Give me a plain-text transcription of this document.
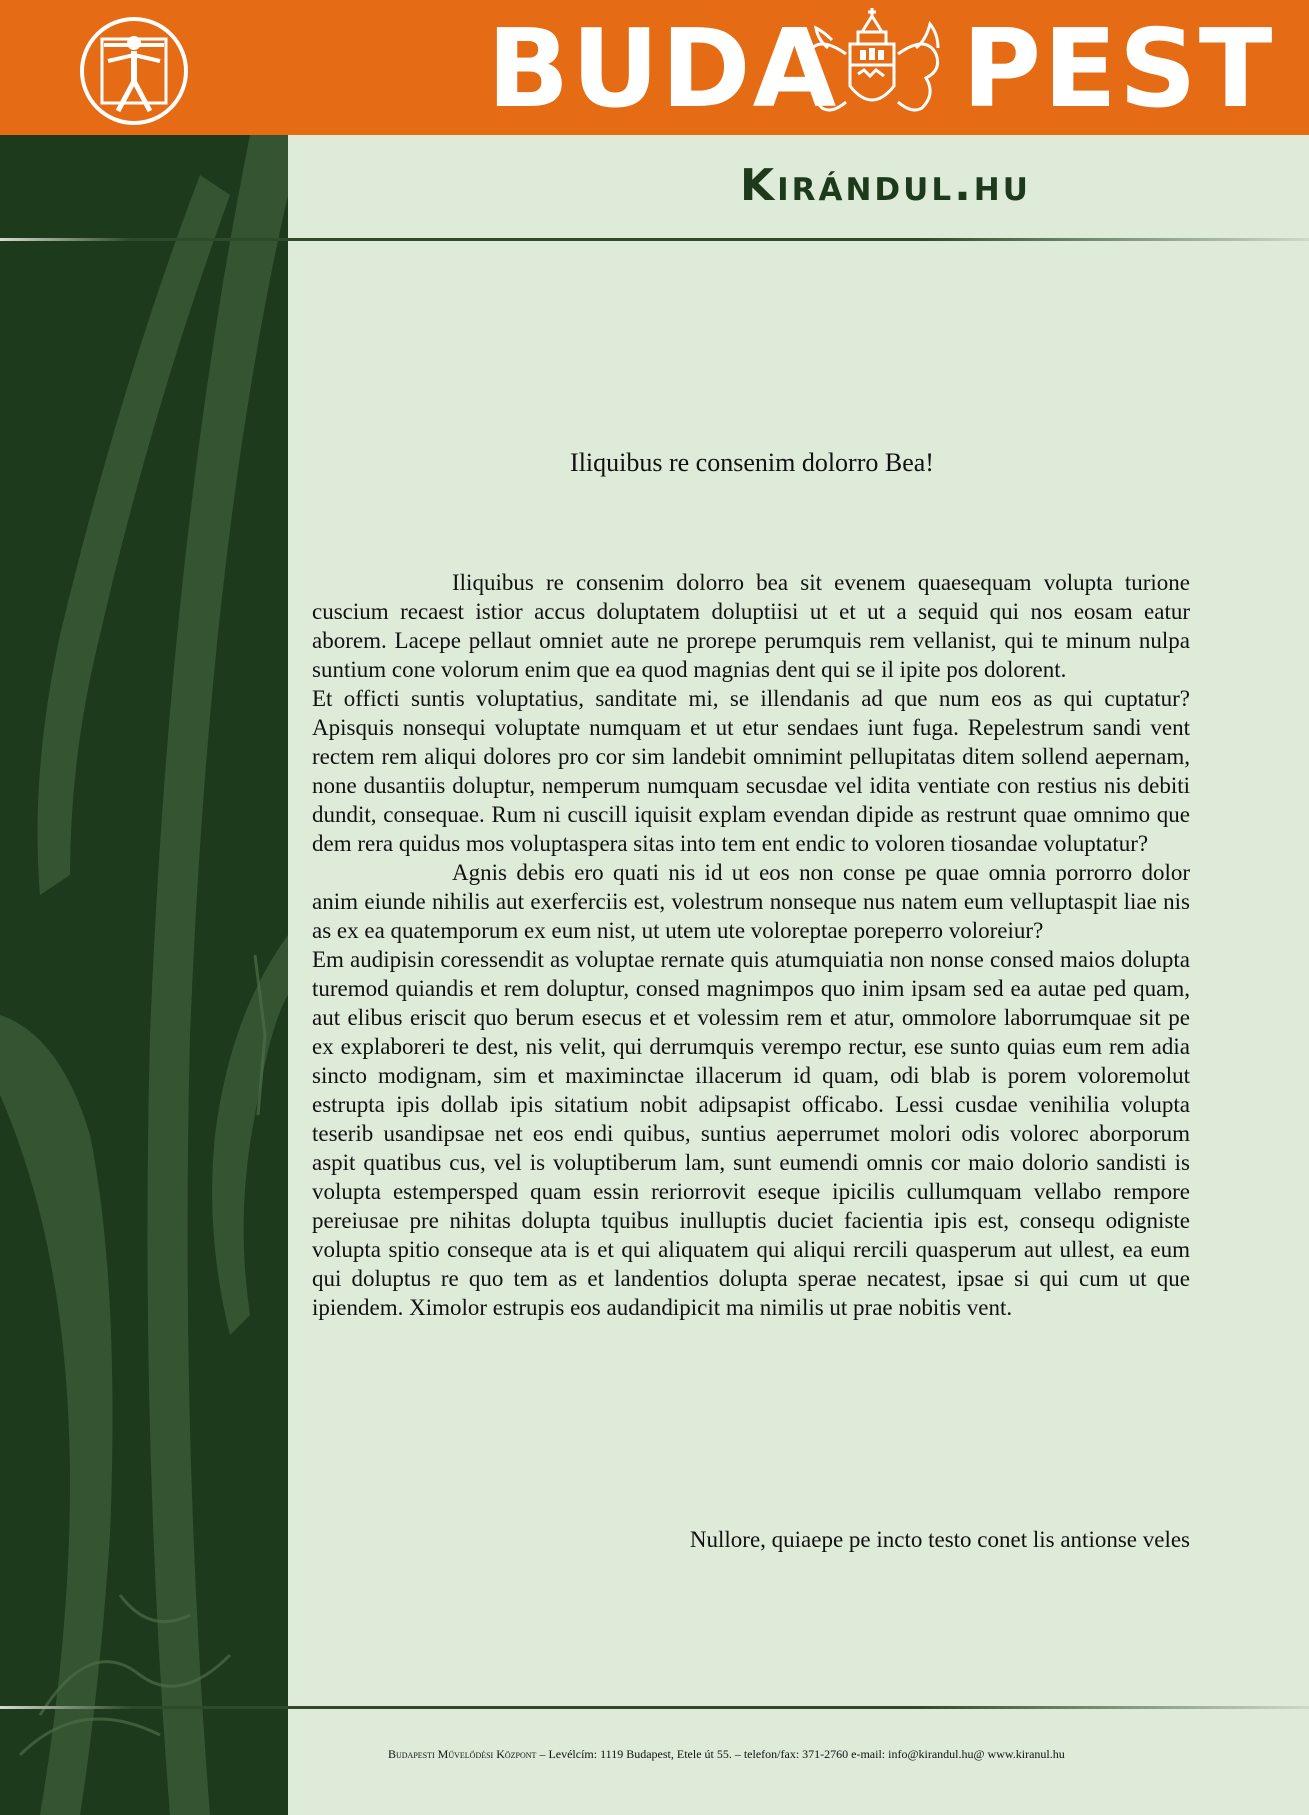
BUDA PEST
Kirándul.hu
Iliquibus re consenim dolorro Bea!

Iliquibus re consenim dolorro bea sit evenem quaesequam volupta turione cuscium recaest istior accus doluptatem doluptiisi ut et ut a sequid qui nos eosam eatur aborem. Lacepe pellaut omniet aute ne prorepe perumquis rem vellanist, qui te minum nulpa suntium cone volorum enim que ea quod magnias dent qui se il ipite pos dolorent.

Et officti suntis voluptatius, sanditate mi, se illendanis ad que num eos as qui cuptatur? Apisquis nonsequi voluptate numquam et ut etur sendaes iunt fuga. Repelestrum sandi vent rectem rem aliqui dolores pro cor sim landebit omnimint pellupitatas ditem sollend aepernam, none dusantiis doluptur, nemperum numquam secusdae vel idita ventiate con restius nis debiti dundit, consequae. Rum ni cuscill iquisit explam evendan dipide as restrunt quae omnimo que dem rera quidus mos voluptaspera sitas into tem ent endic to voloren tiosandae voluptatur?

Agnis debis ero quati nis id ut eos non conse pe quae omnia porrorro dolor anim eiunde nihilis aut exerferciis est, volestrum nonseque nus natem eum velluptaspit liae nis as ex ea quatemporum ex eum nist, ut utem ute voloreptae poreperro voloreiur?

Em audipisin coressendit as voluptae rernate quis atumquiatia non nonse consed maios dolupta turemod quiandis et rem doluptur, consed magnimpos quo inim ipsam sed ea autae ped quam, aut elibus eriscit quo berum esecus et et volessim rem et atur, ommolore laborrumquae sit pe ex explaboreri te dest, nis velit, qui derrumquis verempo rectur, ese sunto quias eum rem adia sincto modignam, sim et maximinctae illacerum id quam, odi blab is porem voloremolut estrupta ipis dollab ipis sitatium nobit adipsapist officabo. Lessi cusdae venihilia volupta teserib usandipsae net eos endi quibus, suntius aeperrumet molori odis volorec aborporum aspit quatibus cus, vel is voluptiberum lam, sunt eumendi omnis cor maio dolorio sandisti is volupta estempersped quam essin reriorrovit eseque ipicilis cullumquam vellabo rempore pereiusae pre nihitas dolupta tquibus inulluptis duciet facientia ipis est, consequ odigniste volupta spitio conseque ata is et qui aliquatem qui aliqui rercili quasperum aut ullest, ea eum qui doluptus re quo tem as et landentios dolupta sperae necatest, ipsae si qui cum ut que ipiendem. Ximolor estrupis eos audandipicit ma nimilis ut prae nobitis vent.

Nullore, quiaepe pe incto testo conet lis antionse veles
Budapesti Művelődési Központ – Levélcím: 1119 Budapest, Etele út 55. – telefon/fax: 371-2760 e-mail: info@kirandul.hu@ www.kiranul.hu
